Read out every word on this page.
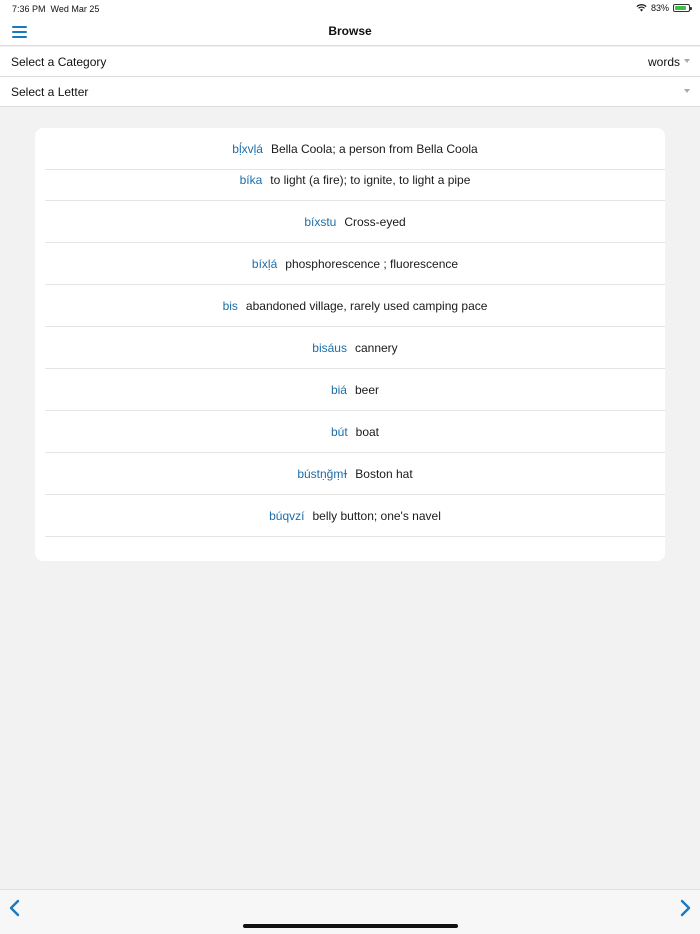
7:36 PM Wed Mar 25	83%
Browse
Select a Category	words
Select a Letter
bḷ́xvḷá Bella Coola; a person from Bella Coola
bíka to light (a fire); to ignite, to light a pipe
bíxstu Cross-eyed
bíxḷá phosphorescence ; fluorescence
bis abandoned village, rarely used camping pace
bisáus cannery
biá beer
bút boat
bústṇğṃɫ Boston hat
búqvzí belly button; one's navel
